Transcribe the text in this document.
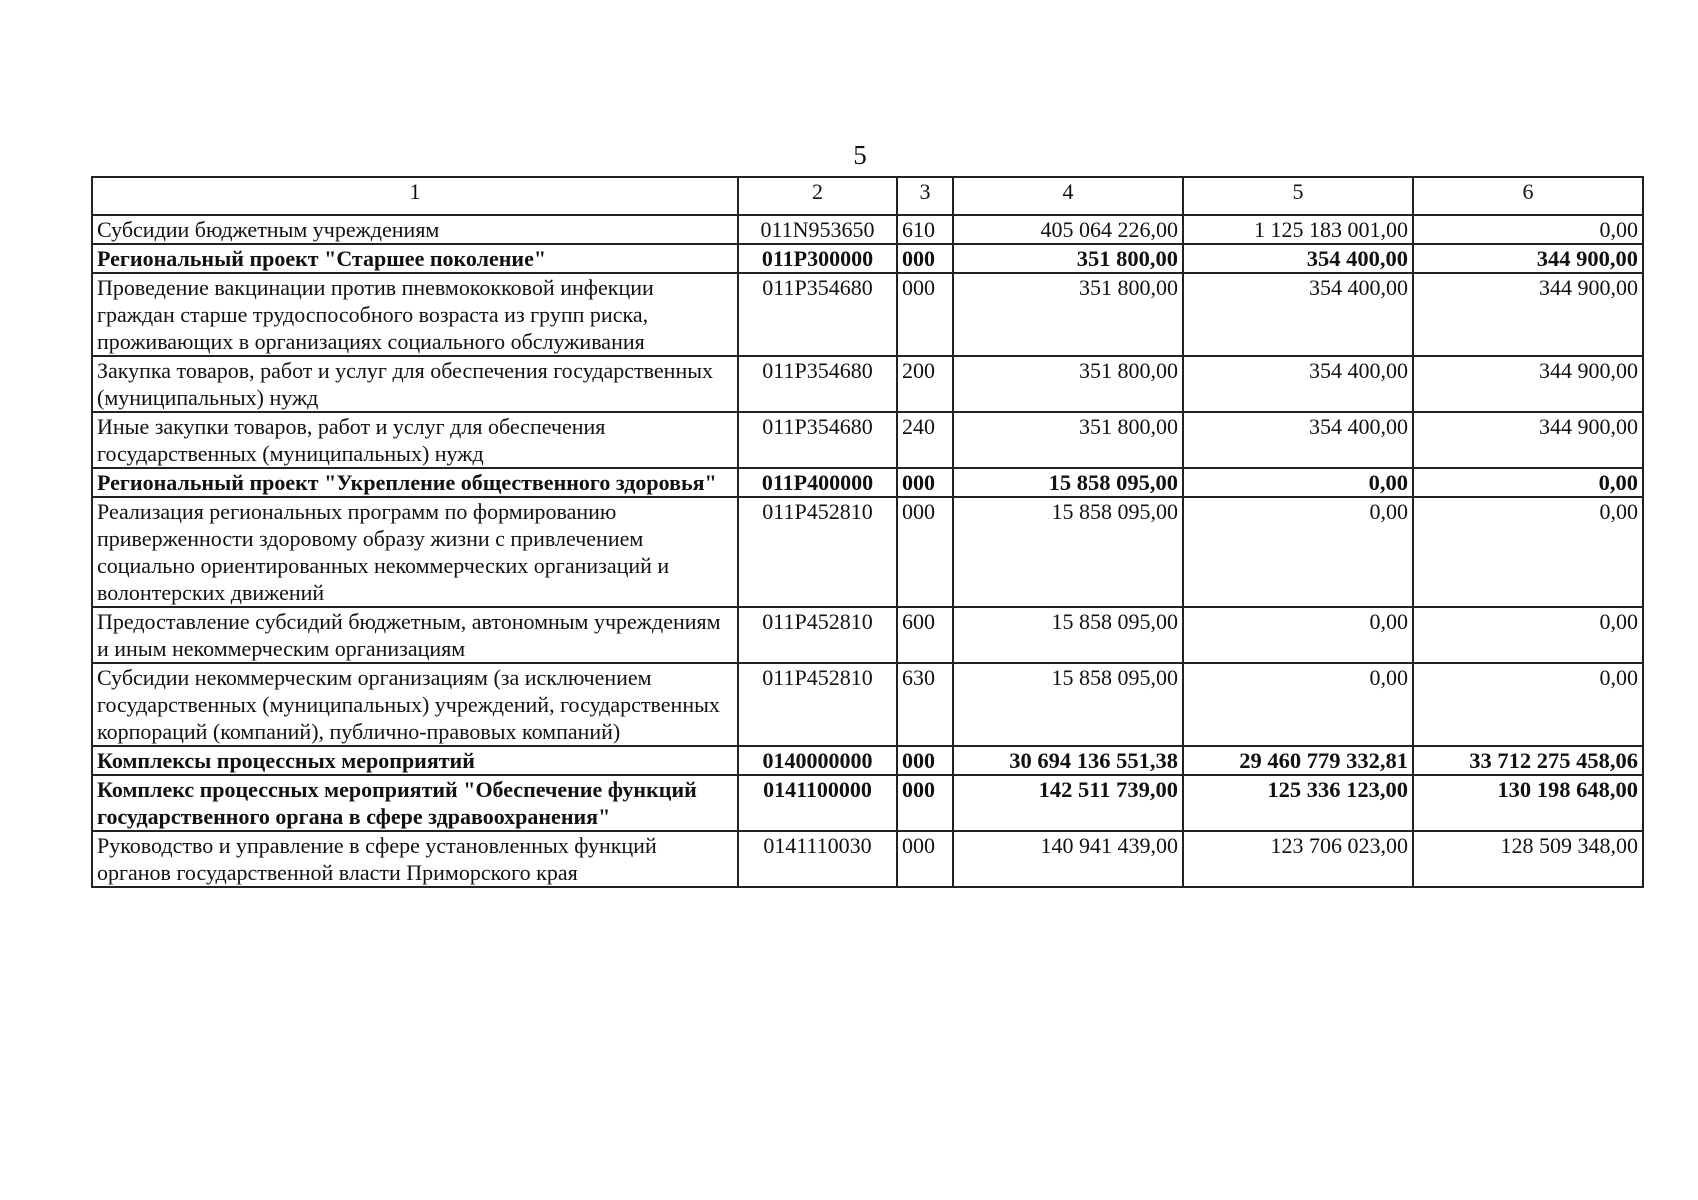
5
1	2	3	4	5	6
Субсидии бюджетным учреждениям	011N953650	610	405 064 226,00	1 125 183 001,00	0,00
Региональный проект "Старшее поколение"	011P300000	000	351 800,00	354 400,00	344 900,00
Проведение вакцинации против пневмококковой инфекции граждан старше трудоспособного возраста из групп риска, проживающих в организациях социального обслуживания	011P354680	000	351 800,00	354 400,00	344 900,00
Закупка товаров, работ и услуг для обеспечения государственных (муниципальных) нужд	011P354680	200	351 800,00	354 400,00	344 900,00
Иные закупки товаров, работ и услуг для обеспечения государственных (муниципальных) нужд	011P354680	240	351 800,00	354 400,00	344 900,00
Региональный проект "Укрепление общественного здоровья"	011P400000	000	15 858 095,00	0,00	0,00
Реализация региональных программ по формированию приверженности здоровому образу жизни с привлечением социально ориентированных некоммерческих организаций и волонтерских движений	011P452810	000	15 858 095,00	0,00	0,00
Предоставление субсидий бюджетным, автономным учреждениям и иным некоммерческим организациям	011P452810	600	15 858 095,00	0,00	0,00
Субсидии некоммерческим организациям (за исключением государственных (муниципальных) учреждений, государственных корпораций (компаний), публично-правовых компаний)	011P452810	630	15 858 095,00	0,00	0,00
Комплексы процессных мероприятий	0140000000	000	30 694 136 551,38	29 460 779 332,81	33 712 275 458,06
Комплекс процессных мероприятий "Обеспечение функций государственного органа в сфере здравоохранения"	0141100000	000	142 511 739,00	125 336 123,00	130 198 648,00
Руководство и управление в сфере установленных функций органов государственной власти Приморского края	0141110030	000	140 941 439,00	123 706 023,00	128 509 348,00
